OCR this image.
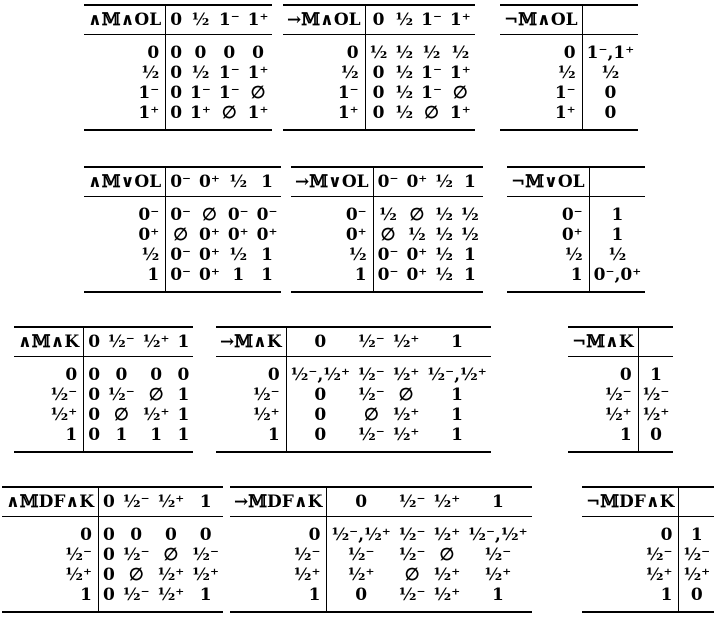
∧𝕄∧OL	0	½	1⁻	1⁺
0	0	0	0	0
½	0	½	1⁻	1⁺
1⁻	0	1⁻	1⁻	∅
1⁺	0	1⁺	∅	1⁺
→𝕄∧OL	0	½	1⁻	1⁺
0	½	½	½	½
½	0	½	1⁻	1⁺
1⁻	0	½	1⁻	∅
1⁺	0	½	∅	1⁺
¬𝕄∧OL	
0	1⁻,1⁺
½	½
1⁻	0
1⁺	0
∧𝕄∨OL	0⁻	0⁺	½	1
0⁻	0⁻	∅	0⁻	0⁻
0⁺	∅	0⁺	0⁺	0⁺
½	0⁻	0⁺	½	1
1	0⁻	0⁺	1	1
→𝕄∨OL	0⁻	0⁺	½	1
0⁻	½	∅	½	½
0⁺	∅	½	½	½
½	0⁻	0⁺	½	1
1	0⁻	0⁺	½	1
¬𝕄∨OL	
0⁻	1
0⁺	1
½	½
1	0⁻,0⁺
∧𝕄∧K	0	½⁻	½⁺	1
0	0	0	0	0
½⁻	0	½⁻	∅	1
½⁺	0	∅	½⁺	1
1	0	1	1	1
→𝕄∧K	0	½⁻	½⁺	1
0	½⁻,½⁺	½⁻	½⁺	½⁻,½⁺
½⁻	0	½⁻	∅	1
½⁺	0	∅	½⁺	1
1	0	½⁻	½⁺	1
¬𝕄∧K	
0	1
½⁻	½⁻
½⁺	½⁺
1	0
∧𝕄DF∧K	0	½⁻	½⁺	1
0	0	0	0	0
½⁻	0	½⁻	∅	½⁻
½⁺	0	∅	½⁺	½⁺
1	0	½⁻	½⁺	1
→𝕄DF∧K	0	½⁻	½⁺	1
0	½⁻,½⁺	½⁻	½⁺	½⁻,½⁺
½⁻	½⁻	½⁻	∅	½⁻
½⁺	½⁺	∅	½⁺	½⁺
1	0	½⁻	½⁺	1
¬𝕄DF∧K	
0	1
½⁻	½⁻
½⁺	½⁺
1	0
